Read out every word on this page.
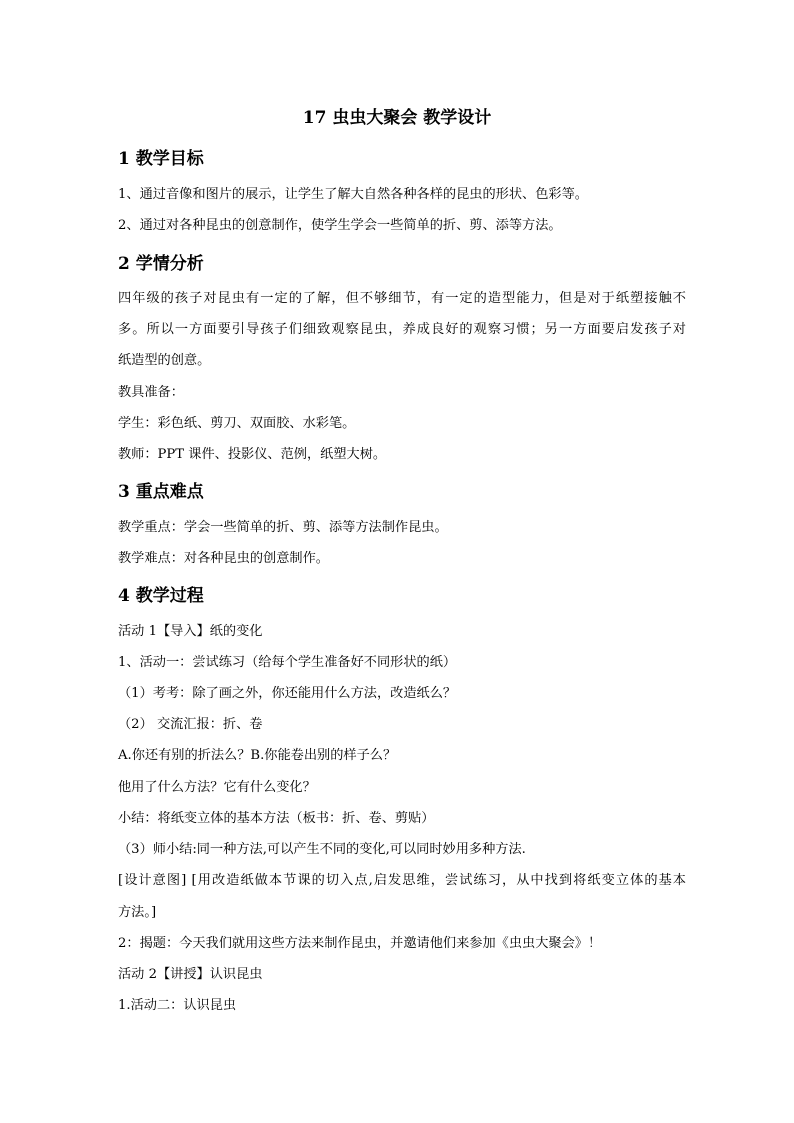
17 虫虫大聚会 教学设计
1 教学目标
1、通过音像和图片的展示，让学生了解大自然各种各样的昆虫的形状、色彩等。
2、通过对各种昆虫的创意制作，使学生学会一些简单的折、剪、添等方法。
2 学情分析
四年级的孩子对昆虫有一定的了解，但不够细节，有一定的造型能力，但是对于纸塑接触不
多。所以一方面要引导孩子们细致观察昆虫，养成良好的观察习惯；另一方面要启发孩子对
纸造型的创意。
教具准备：
学生：彩色纸、剪刀、双面胶、水彩笔。
教师：PPT 课件、投影仪、范例，纸塑大树。
3 重点难点
教学重点：学会一些简单的折、剪、添等方法制作昆虫。
教学难点：对各种昆虫的创意制作。
4 教学过程
活动 1【导入】纸的变化
1、活动一：尝试练习（给每个学生准备好不同形状的纸）
（1）考考：除了画之外，你还能用什么方法，改造纸么？
（2） 交流汇报：折、卷
A.你还有别的折法么？B.你能卷出别的样子么？
他用了什么方法？它有什么变化？
小结：将纸变立体的基本方法（板书：折、卷、剪贴）
（3）师小结:同一种方法,可以产生不同的变化,可以同时妙用多种方法.
[设计意图] [用改造纸做本节课的切入点,启发思维，尝试练习，从中找到将纸变立体的基本
方法。]
2：揭题：今天我们就用这些方法来制作昆虫，并邀请他们来参加《虫虫大聚会》！
活动 2【讲授】认识昆虫
1.活动二：认识昆虫
